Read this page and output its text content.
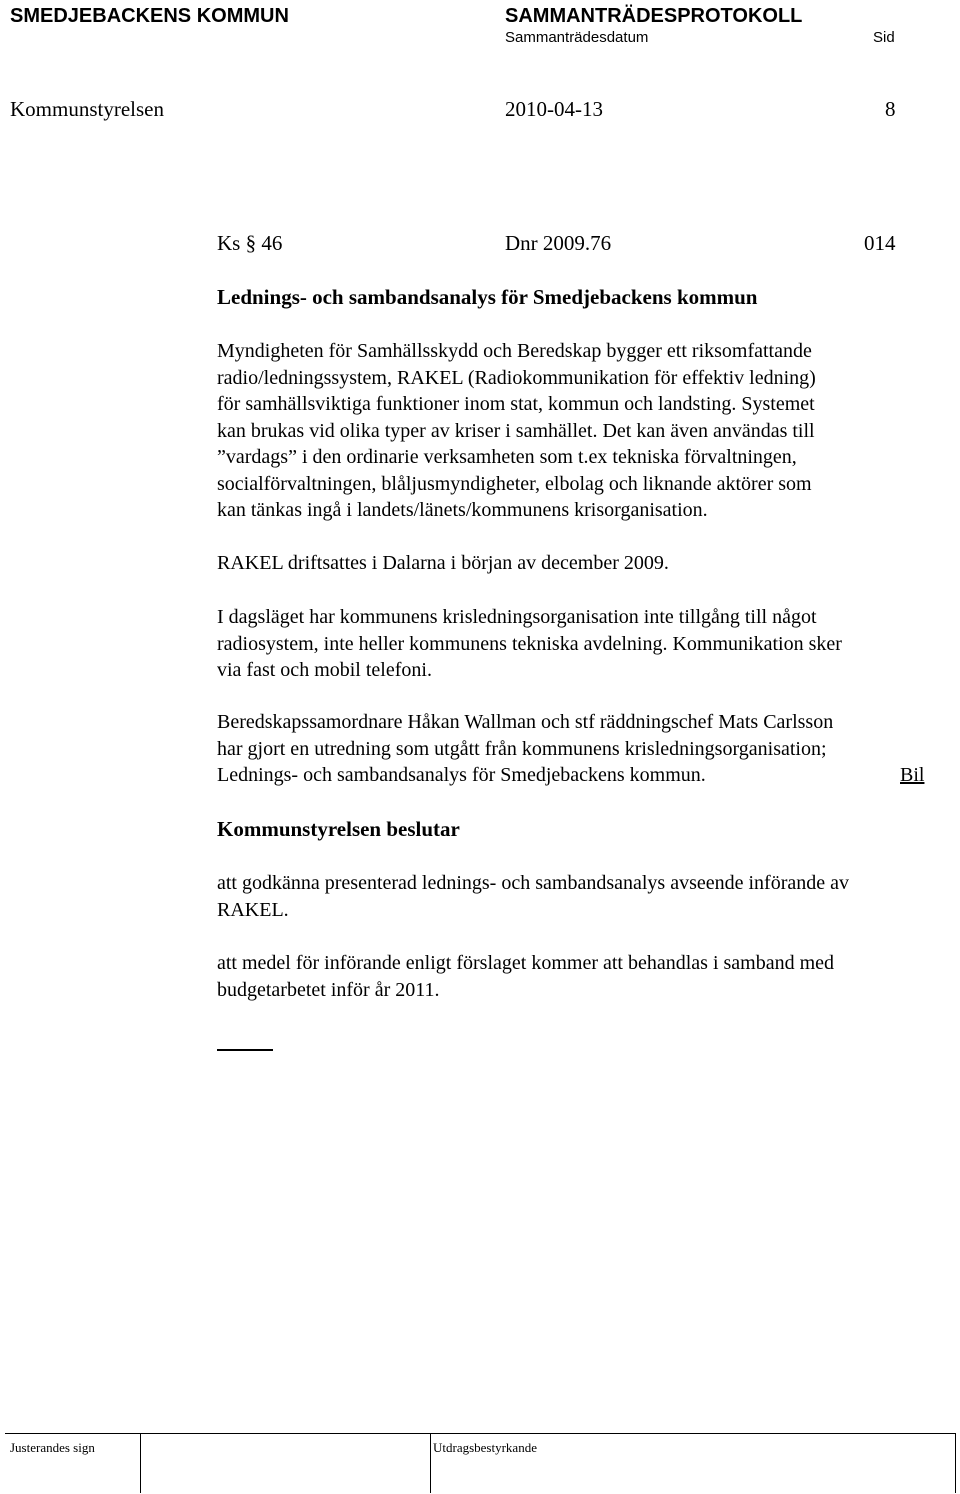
SMEDJEBACKENS KOMMUN	SAMMANTRÄDESPROTOKOLL
Sammanträdesdatum	Sid
Kommunstyrelsen	2010-04-13	8
Ks § 46	Dnr 2009.76	014
Lednings- och sambandsanalys för Smedjebackens kommun

Myndigheten för Samhällsskydd och Beredskap bygger ett riksomfattande

radio/ledningssystem, RAKEL (Radiokommunikation för effektiv ledning)

för samhällsviktiga funktioner inom stat, kommun och landsting. Systemet

kan brukas vid olika typer av kriser i samhället. Det kan även användas till

”vardags” i den ordinarie verksamheten som t.ex tekniska förvaltningen,

socialförvaltningen, blåljusmyndigheter, elbolag och liknande aktörer som

kan tänkas ingå i landets/länets/kommunens krisorganisation.

RAKEL driftsattes i Dalarna i början av december 2009.

I dagsläget har kommunens krisledningsorganisation inte tillgång till något

radiosystem, inte heller kommunens tekniska avdelning. Kommunikation sker

via fast och mobil telefoni.

Beredskapssamordnare Håkan Wallman och stf räddningschef Mats Carlsson

har gjort en utredning som utgått från kommunens krisledningsorganisation;

Lednings- och sambandsanalys för Smedjebackens kommun.	Bil
Kommunstyrelsen beslutar

att godkänna presenterad lednings- och sambandsanalys avseende införande av

RAKEL.

att medel för införande enligt förslaget kommer att behandlas i samband med

budgetarbetet inför år 2011.

Justerandes sign	Utdragsbestyrkande
